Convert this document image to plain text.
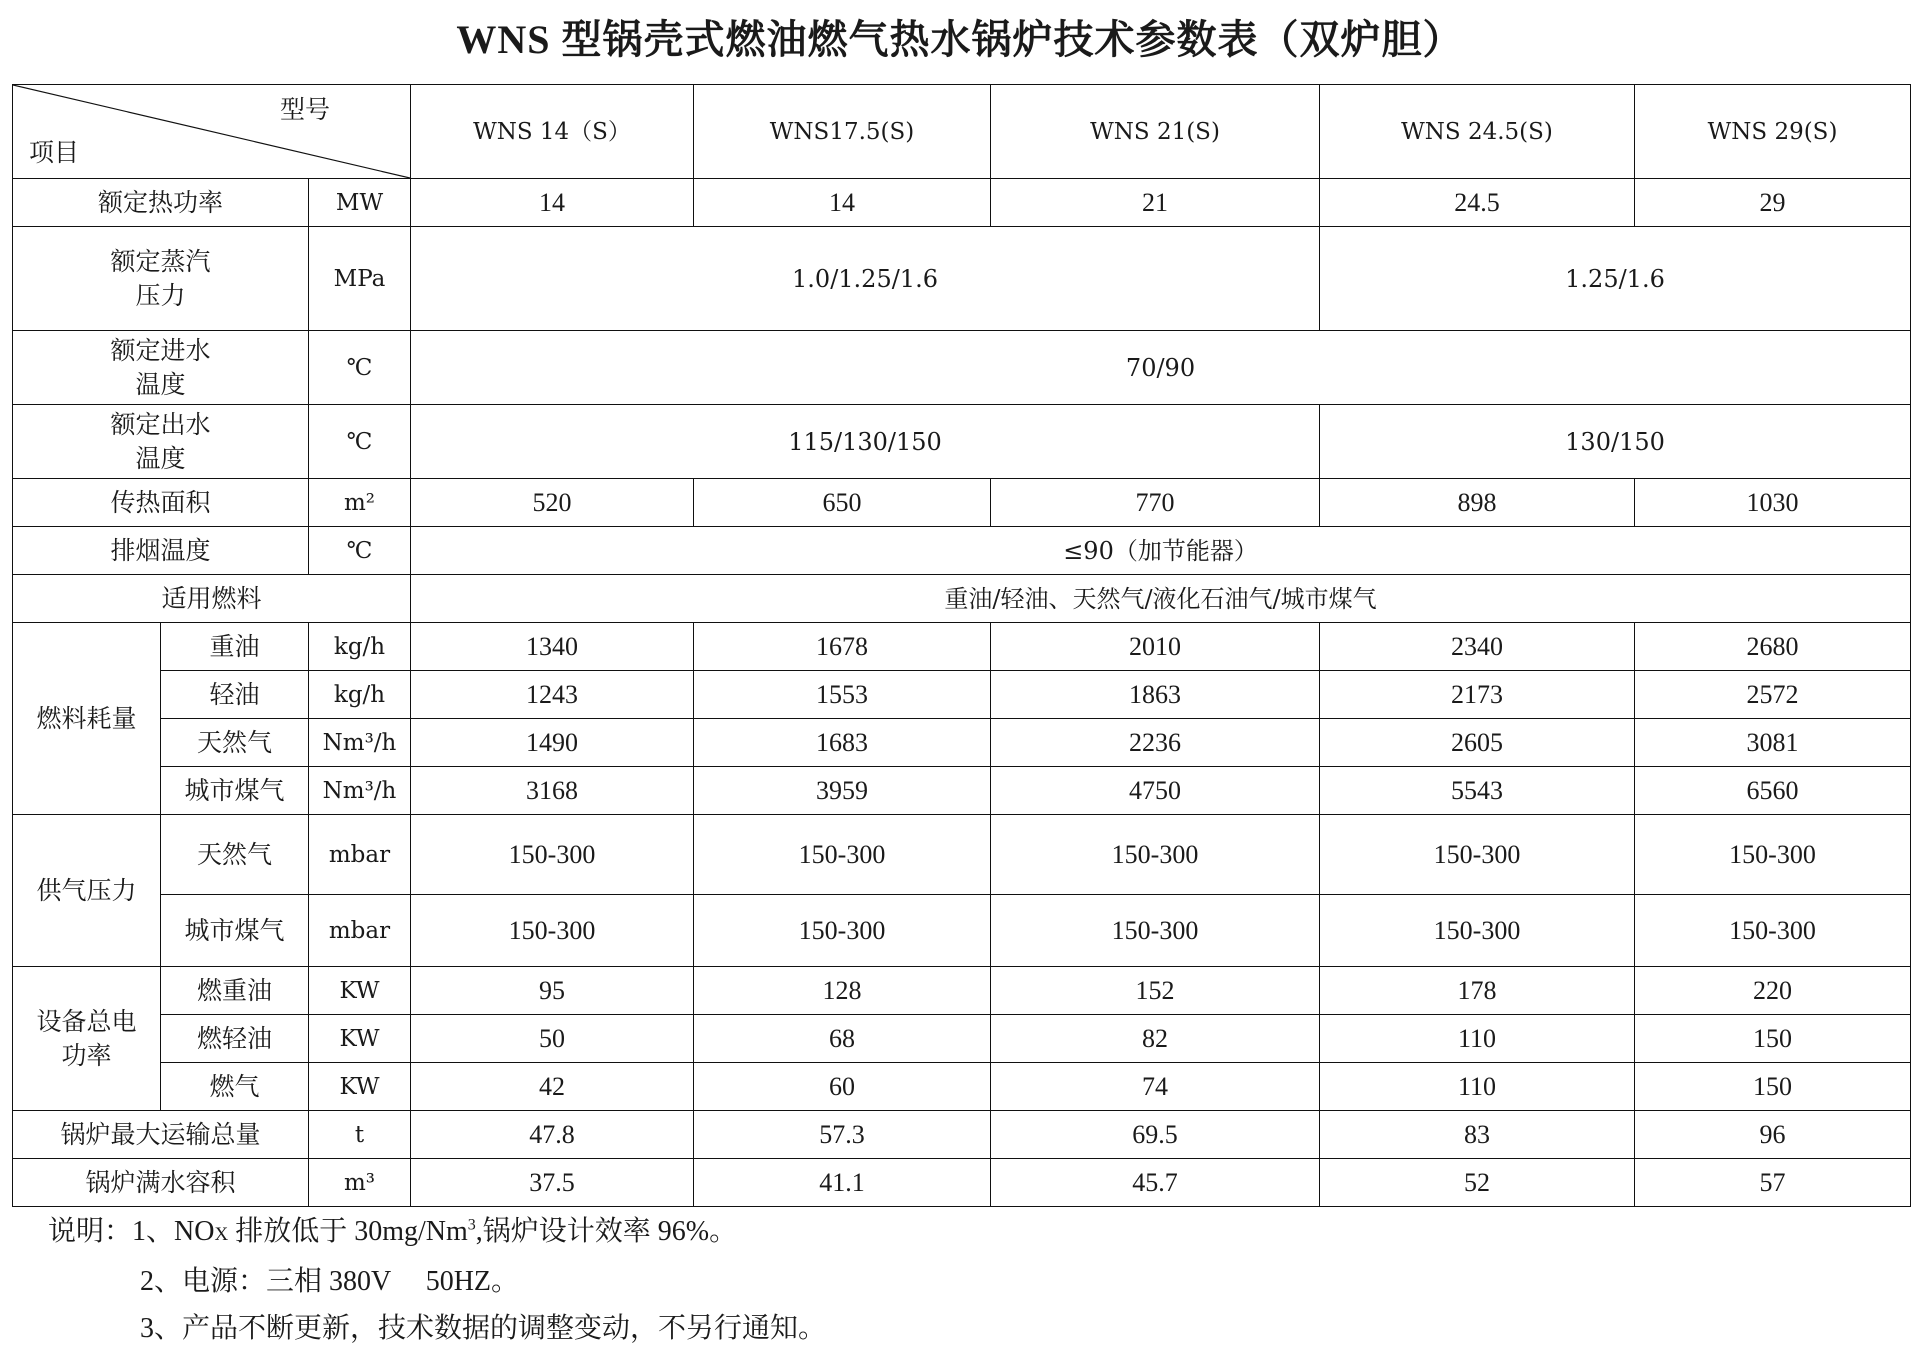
WNS 型锅壳式燃油燃气热水锅炉技术参数表（双炉胆）
型号
项目			WNS 14（S）	WNS17.5(S)	WNS 21(S)	WNS 24.5(S)	WNS 29(S)
额定热功率		MW	14	14	21	24.5	29
额定蒸汽
压力		MPa	1.0/1.25/1.6			1.25/1.6	
额定进水
温度		℃	70/90				
额定出水
温度		℃	115/130/150			130/150	
传热面积		m²	520	650	770	898	1030
排烟温度		℃	≤90（加节能器）				
适用燃料			重油/轻油、天然气/液化石油气/城市煤气				
燃料耗量	重油	kg/h	1340	1678	2010	2340	2680
	轻油	kg/h	1243	1553	1863	2173	2572
	天然气	Nm³/h	1490	1683	2236	2605	3081
	城市煤气	Nm³/h	3168	3959	4750	5543	6560
供气压力	天然气	mbar	150-300	150-300	150-300	150-300	150-300
	城市煤气	mbar	150-300	150-300	150-300	150-300	150-300
设备总电
功率	燃重油	KW	95	128	152	178	220
	燃轻油	KW	50	68	82	110	150
	燃气	KW	42	60	74	110	150
锅炉最大运输总量		t	47.8	57.3	69.5	83	96
锅炉满水容积		m³	37.5	41.1	45.7	52	57
说明：1、NOX 排放低于 30mg/Nm$^3$,锅炉设计效率 96%。
2、电源：三相 380V　 50HZ。
3、产品不断更新，技术数据的调整变动，不另行通知。
